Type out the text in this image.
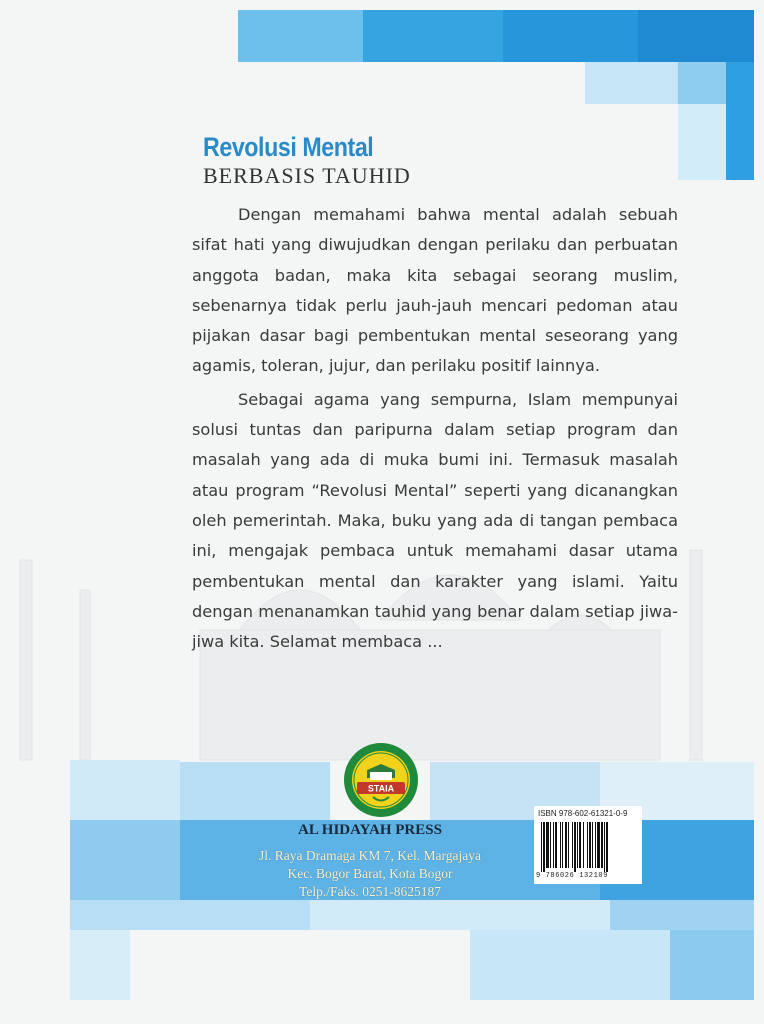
Revolusi Mental
BERBASIS TAUHID

Dengan memahami bahwa mental adalah sebuah sifat hati yang diwujudkan dengan perilaku dan perbuatan anggota badan, maka kita sebagai seorang muslim, sebenarnya tidak perlu jauh-jauh mencari pedoman atau pijakan dasar bagi pembentukan mental seseorang yang agamis, toleran, jujur, dan perilaku positif lainnya.

Sebagai agama yang sempurna, Islam mempunyai solusi tuntas dan paripurna dalam setiap program dan masalah yang ada di muka bumi ini. Termasuk masalah atau program “Revolusi Mental” seperti yang dicanangkan oleh pemerintah. Maka, buku yang ada di tangan pembaca ini, mengajak pembaca untuk memahami dasar utama pembentukan mental dan karakter yang islami. Yaitu dengan menanamkan tauhid yang benar dalam setiap jiwa-jiwa kita. Selamat membaca ...

STAIA
AL HIDAYAH PRESS
Jl. Raya Dramaga KM 7, Kel. Margajaya
Kec. Bogor Barat, Kota Bogor
Telp./Faks. 0251-8625187
ISBN 978-602-61321-0-9
9 786026 132109
